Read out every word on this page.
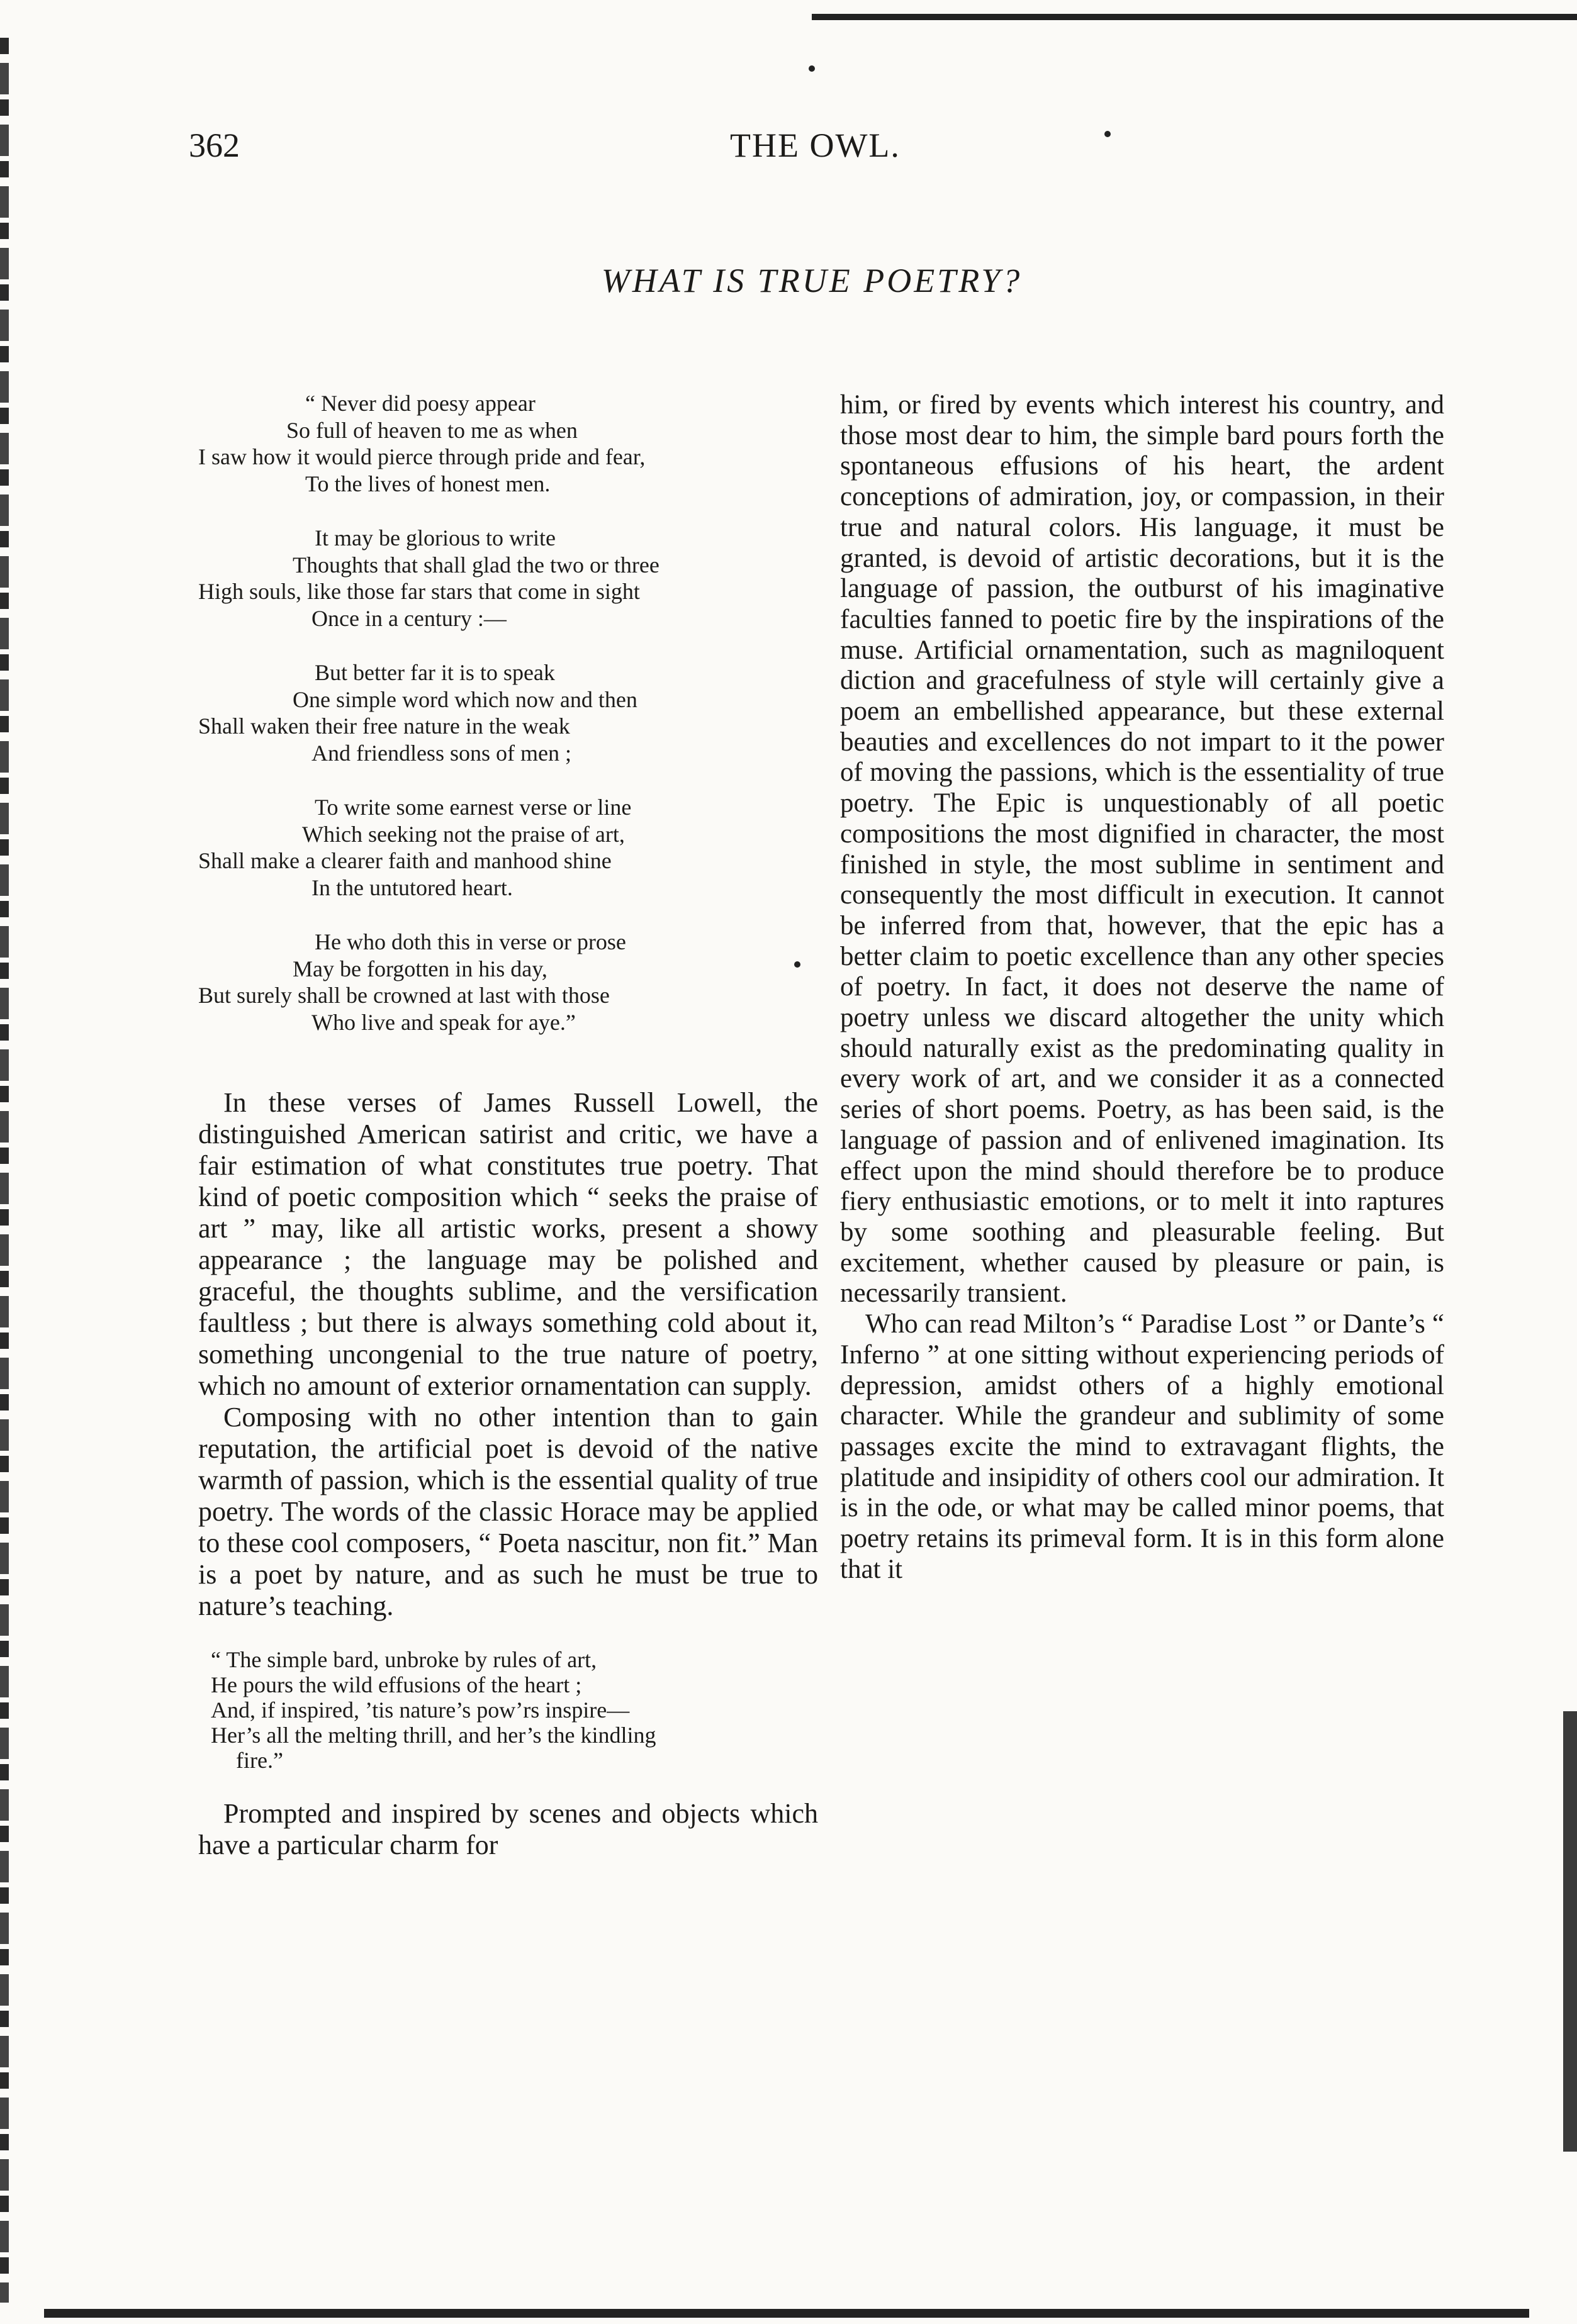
362	THE OWL.
WHAT IS TRUE POETRY?
“ Never did poesy appear
So full of heaven to me as when
I saw how it would pierce through pride and fear,
To the lives of honest men.
It may be glorious to write
Thoughts that shall glad the two or three
High souls, like those far stars that come in sight
Once in a century :—
But better far it is to speak
One simple word which now and then
Shall waken their free nature in the weak
And friendless sons of men ;
To write some earnest verse or line
Which seeking not the praise of art,
Shall make a clearer faith and manhood shine
In the untutored heart.
He who doth this in verse or prose
May be forgotten in his day,
But surely shall be crowned at last with those
Who live and speak for aye.”

In these verses of James Russell Lowell, the distinguished American satirist and critic, we have a fair estimation of what constitutes true poetry. That kind of poetic composition which “ seeks the praise of art ” may, like all artistic works, present a showy appearance ; the language may be polished and graceful, the thoughts sublime, and the versification faultless ; but there is always something cold about it, something uncongenial to the true nature of poetry, which no amount of exterior ornamentation can supply.

Composing with no other intention than to gain reputation, the artificial poet is devoid of the native warmth of passion, which is the essential quality of true poetry. The words of the classic Horace may be applied to these cool composers, “ Poeta nascitur, non fit.” Man is a poet by nature, and as such he must be true to nature’s teaching.

“ The simple bard, unbroke by rules of art,
He pours the wild effusions of the heart ;
And, if inspired, ’tis nature’s pow’rs inspire—
Her’s all the melting thrill, and her’s the kindling
fire.”

Prompted and inspired by scenes and objects which have a particular charm for

him, or fired by events which interest his country, and those most dear to him, the simple bard pours forth the spontaneous effusions of his heart, the ardent conceptions of admiration, joy, or compassion, in their true and natural colors. His language, it must be granted, is devoid of artistic decorations, but it is the language of passion, the outburst of his imaginative faculties fanned to poetic fire by the inspirations of the muse. Artificial ornamentation, such as magniloquent diction and gracefulness of style will certainly give a poem an embellished appearance, but these external beauties and excellences do not impart to it the power of moving the passions, which is the essentiality of true poetry. The Epic is unquestionably of all poetic compositions the most dignified in character, the most finished in style, the most sublime in sentiment and consequently the most difficult in execution. It cannot be inferred from that, however, that the epic has a better claim to poetic excellence than any other species of poetry. In fact, it does not deserve the name of poetry unless we discard altogether the unity which should naturally exist as the predominating quality in every work of art, and we consider it as a connected series of short poems. Poetry, as has been said, is the language of passion and of enlivened imagination. Its effect upon the mind should therefore be to produce fiery enthusiastic emotions, or to melt it into raptures by some soothing and pleasurable feeling. But excitement, whether caused by pleasure or pain, is necessarily transient.

Who can read Milton’s “ Paradise Lost ” or Dante’s “ Inferno ” at one sitting without experiencing periods of depression, amidst others of a highly emotional character. While the grandeur and sublimity of some passages excite the mind to extravagant flights, the platitude and insipidity of others cool our admiration. It is in the ode, or what may be called minor poems, that poetry retains its primeval form. It is in this form alone that it
